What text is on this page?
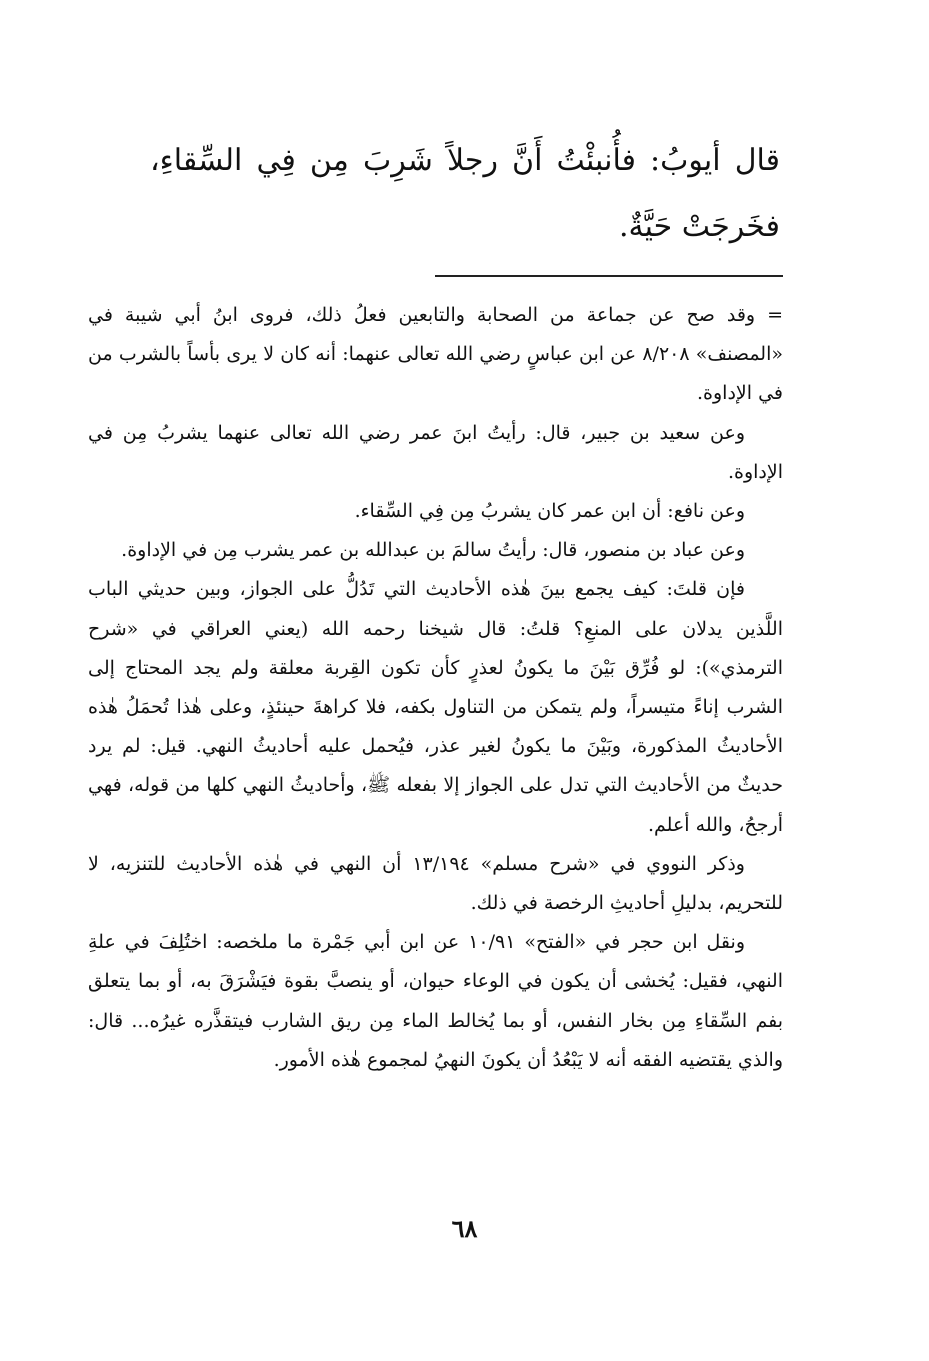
قال أيوبُ: فأُنبئْتُ أَنَّ رجلاً شَرِبَ مِن فِي السِّقاءِ، فخَرجَتْ حَيَّةٌ.

= وقد صح عن جماعة من الصحابة والتابعين فعلُ ذلك، فروى ابنُ أبي شيبة في «المصنف» ٨/٢٠٨ عن ابن عباسٍ رضي الله تعالى عنهما: أنه كان لا يرى بأساً بالشرب من في الإداوة.

وعن سعيد بن جبير، قال: رأيتُ ابنَ عمر رضي الله تعالى عنهما يشربُ مِن في الإداوة.

وعن نافع: أن ابن عمر كان يشربُ مِن فِي السِّقاء.

وعن عباد بن منصور، قال: رأيتُ سالمَ بن عبدالله بن عمر يشرب مِن في الإداوة.

فإن قلتَ: كيف يجمع بينَ هٰذه الأحاديث التي تَدُلُّ على الجواز، وبين حديثي الباب اللَّذين يدلان على المنعِ؟ قلتُ: قال شيخنا رحمه الله (يعني العراقي في «شرح الترمذي»): لو فُرِّق بَيْنَ ما يكونُ لعذرٍ كأن تكون القِربة معلقة ولم يجد المحتاج إلى الشرب إناءً متيسراً، ولم يتمكن من التناول بكفه، فلا كراهةَ حينئذٍ، وعلى هٰذا تُحمَلُ هٰذه الأحاديثُ المذكورة، وبَيْنَ ما يكونُ لغير عذر، فيُحمل عليه أحاديثُ النهي. قيل: لم يرد حديثٌ من الأحاديث التي تدل على الجواز إلا بفعله ﷺ، وأحاديثُ النهي كلها من قوله، فهي أرجحُ، والله أعلم.

وذكر النووي في «شرح مسلم» ١٣/١٩٤ أن النهي في هٰذه الأحاديث للتنزيه، لا للتحريم، بدليلِ أحاديثِ الرخصة في ذلك.

ونقل ابن حجر في «الفتح» ١٠/٩١ عن ابن أبي جَمْرة ما ملخصه: اختُلِفَ في علةِ النهي، فقيل: يُخشى أن يكون في الوعاء حيوان، أو ينصبَّ بقوة فيَشْرَقَ به، أو بما يتعلق بفم السِّقاءِ مِن بخار النفس، أو بما يُخالط الماء مِن ريق الشارب فيتقذَّره غيرُه... قال: والذي يقتضيه الفقه أنه لا يَبْعُدُ أن يكونَ النهيُ لمجموع هٰذه الأمور.

٦٨
